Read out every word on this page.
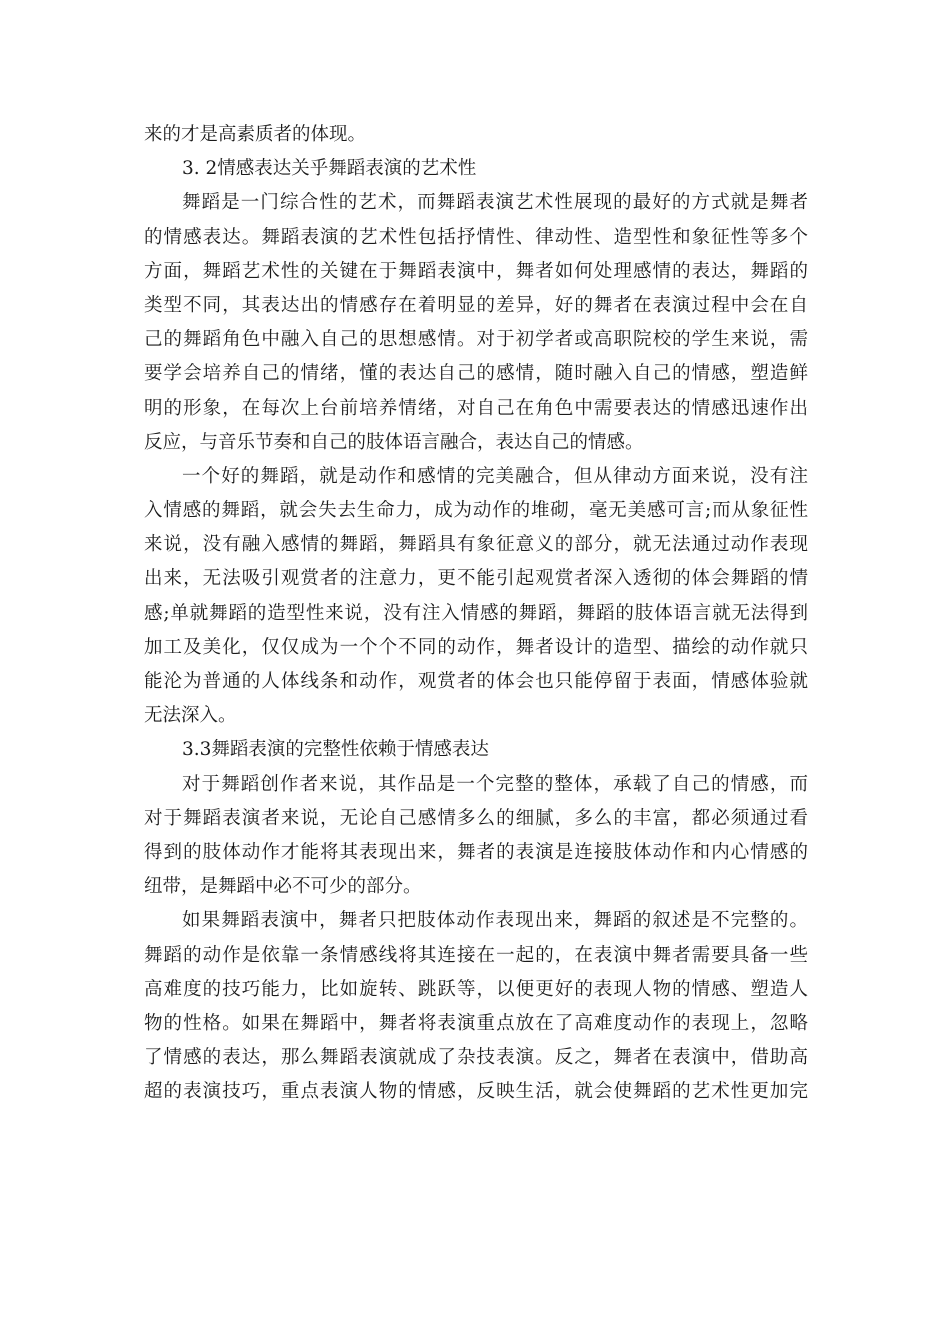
来的才是高素质者的体现。
3. 2情感表达关乎舞蹈表演的艺术性
舞蹈是一门综合性的艺术，而舞蹈表演艺术性展现的最好的方式就是舞者
的情感表达。舞蹈表演的艺术性包括抒情性、律动性、造型性和象征性等多个
方面，舞蹈艺术性的关键在于舞蹈表演中，舞者如何处理感情的表达，舞蹈的
类型不同，其表达出的情感存在着明显的差异，好的舞者在表演过程中会在自
己的舞蹈角色中融入自己的思想感情。对于初学者或高职院校的学生来说，需
要学会培养自己的情绪，懂的表达自己的感情，随时融入自己的情感，塑造鲜
明的形象，在每次上台前培养情绪，对自己在角色中需要表达的情感迅速作出
反应，与音乐节奏和自己的肢体语言融合，表达自己的情感。
一个好的舞蹈，就是动作和感情的完美融合，但从律动方面来说，没有注
入情感的舞蹈，就会失去生命力，成为动作的堆砌，毫无美感可言;而从象征性
来说，没有融入感情的舞蹈，舞蹈具有象征意义的部分，就无法通过动作表现
出来，无法吸引观赏者的注意力，更不能引起观赏者深入透彻的体会舞蹈的情
感;单就舞蹈的造型性来说，没有注入情感的舞蹈，舞蹈的肢体语言就无法得到
加工及美化，仅仅成为一个个不同的动作，舞者设计的造型、描绘的动作就只
能沦为普通的人体线条和动作，观赏者的体会也只能停留于表面，情感体验就
无法深入。
3.3舞蹈表演的完整性依赖于情感表达
对于舞蹈创作者来说，其作品是一个完整的整体，承载了自己的情感，而
对于舞蹈表演者来说，无论自己感情多么的细腻，多么的丰富，都必须通过看
得到的肢体动作才能将其表现出来，舞者的表演是连接肢体动作和内心情感的
纽带，是舞蹈中必不可少的部分。
如果舞蹈表演中，舞者只把肢体动作表现出来，舞蹈的叙述是不完整的。
舞蹈的动作是依靠一条情感线将其连接在一起的，在表演中舞者需要具备一些
高难度的技巧能力，比如旋转、跳跃等，以便更好的表现人物的情感、塑造人
物的性格。如果在舞蹈中，舞者将表演重点放在了高难度动作的表现上，忽略
了情感的表达，那么舞蹈表演就成了杂技表演。反之，舞者在表演中，借助高
超的表演技巧，重点表演人物的情感，反映生活，就会使舞蹈的艺术性更加完
